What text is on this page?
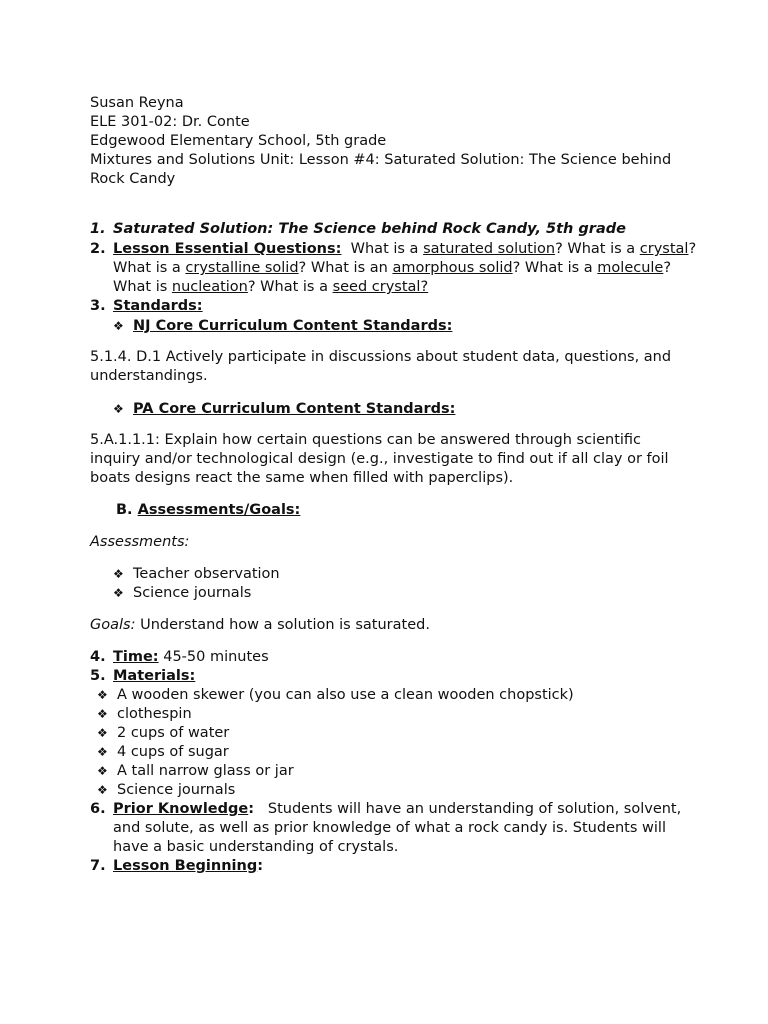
Susan Reyna
ELE 301-02: Dr. Conte
Edgewood Elementary School, 5th grade
Mixtures and Solutions Unit: Lesson #4: Saturated Solution: The Science behind
Rock Candy
1. Saturated Solution: The Science behind Rock Candy, 5th grade
2. Lesson Essential Questions:  What is a saturated solution? What is a crystal?
What is a crystalline solid? What is an amorphous solid? What is a molecule?
What is nucleation? What is a seed crystal?
3. Standards:
❖ NJ Core Curriculum Content Standards:
5.1.4. D.1 Actively participate in discussions about student data, questions, and
understandings.
❖ PA Core Curriculum Content Standards:
5.A.1.1.1: Explain how certain questions can be answered through scientific
inquiry and/or technological design (e.g., investigate to find out if all clay or foil
boats designs react the same when filled with paperclips).
B. Assessments/Goals:
Assessments:
❖ Teacher observation
❖ Science journals
Goals: Understand how a solution is saturated.
4. Time: 45-50 minutes
5. Materials:
❖ A wooden skewer (you can also use a clean wooden chopstick)
❖ clothespin
❖ 2 cups of water
❖ 4 cups of sugar
❖ A tall narrow glass or jar
❖ Science journals
6. Prior Knowledge:   Students will have an understanding of solution, solvent,
and solute, as well as prior knowledge of what a rock candy is. Students will
have a basic understanding of crystals.
7. Lesson Beginning:
